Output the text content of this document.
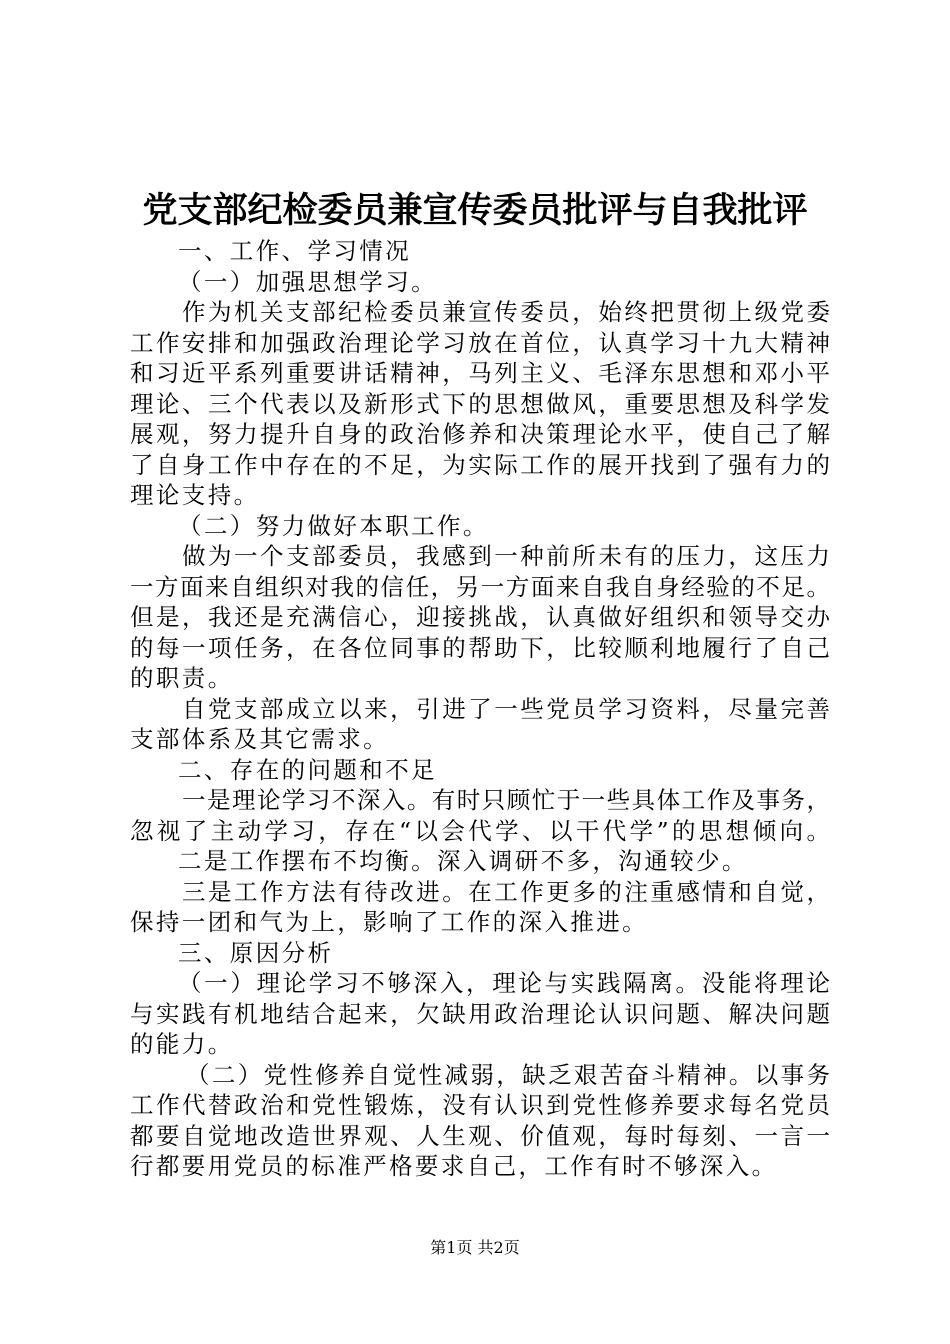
党支部纪检委员兼宣传委员批评与自我批评
一、工作、学习情况
（一）加强思想学习。
作为机关支部纪检委员兼宣传委员，始终把贯彻上级党委
工作安排和加强政治理论学习放在首位，认真学习十九大精神
和习近平系列重要讲话精神，马列主义、毛泽东思想和邓小平
理论、三个代表以及新形式下的思想做风，重要思想及科学发
展观，努力提升自身的政治修养和决策理论水平，使自己了解
了自身工作中存在的不足，为实际工作的展开找到了强有力的
理论支持。
（二）努力做好本职工作。
做为一个支部委员，我感到一种前所未有的压力，这压力
一方面来自组织对我的信任，另一方面来自我自身经验的不足。
但是，我还是充满信心，迎接挑战，认真做好组织和领导交办
的每一项任务，在各位同事的帮助下，比较顺利地履行了自己
的职责。
自党支部成立以来，引进了一些党员学习资料，尽量完善
支部体系及其它需求。
二、存在的问题和不足
一是理论学习不深入。有时只顾忙于一些具体工作及事务，
忽视了主动学习，存在“以会代学、以干代学”的思想倾向。
二是工作摆布不均衡。深入调研不多，沟通较少。
三是工作方法有待改进。在工作更多的注重感情和自觉，
保持一团和气为上，影响了工作的深入推进。
三、原因分析
（一）理论学习不够深入，理论与实践隔离。没能将理论
与实践有机地结合起来，欠缺用政治理论认识问题、解决问题
的能力。
（二）党性修养自觉性减弱，缺乏艰苦奋斗精神。以事务
工作代替政治和党性锻炼，没有认识到党性修养要求每名党员
都要自觉地改造世界观、人生观、价值观，每时每刻、一言一
行都要用党员的标准严格要求自己，工作有时不够深入。
第1页 共2页
